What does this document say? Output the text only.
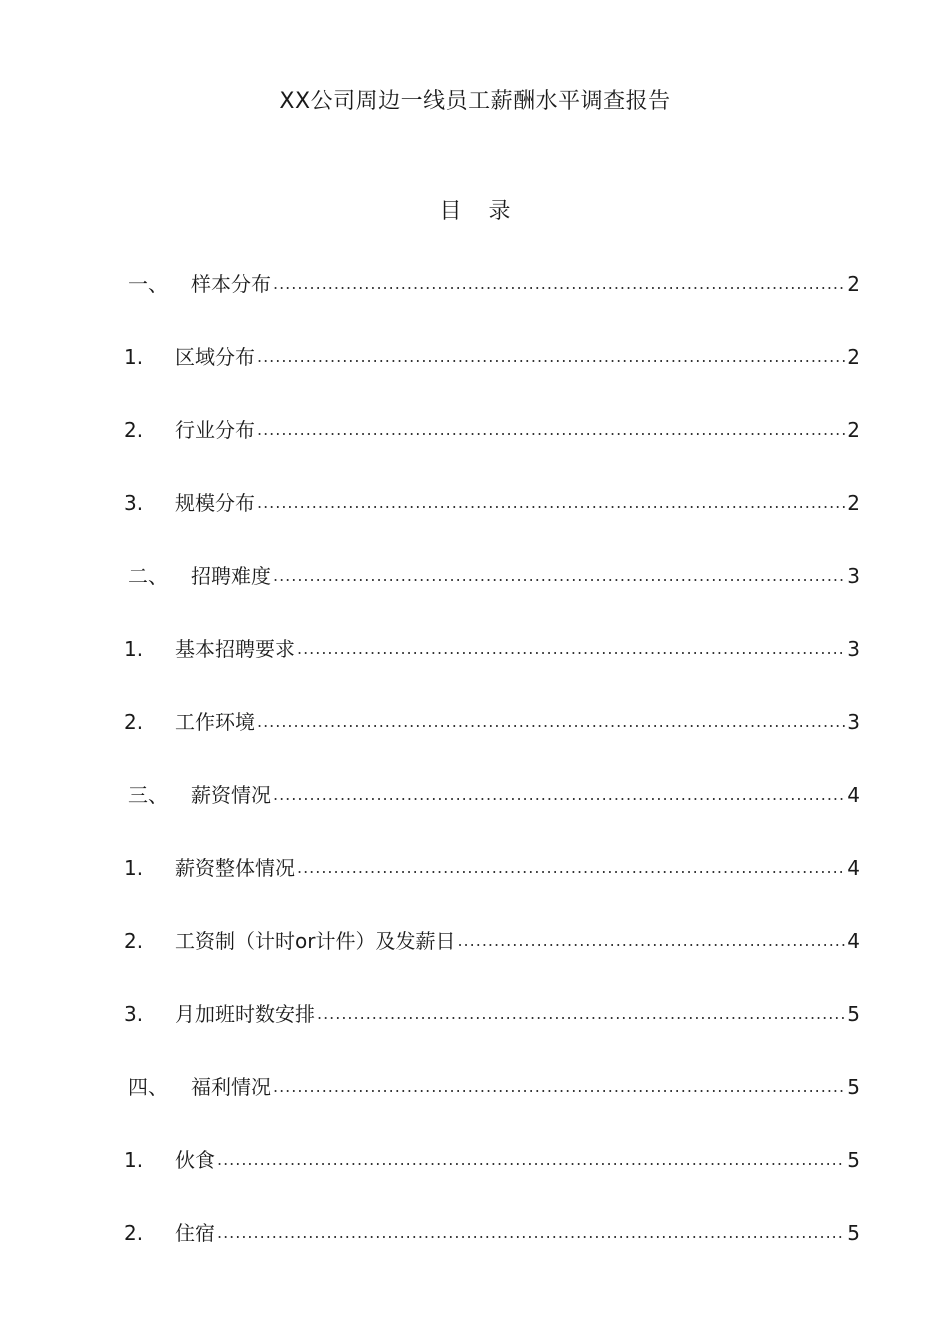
XX公司周边一线员工薪酬水平调查报告
目 录
一、	样本分布 .....	2
1.	区域分布 .....	2
2.	行业分布 .....	2
3.	规模分布 .....	2
二、	招聘难度 .....	3
1.	基本招聘要求 .....	3
2.	工作环境 .....	3
三、	薪资情况 .....	4
1.	薪资整体情况 .....	4
2.	工资制（计时or计件）及发薪日 .....	4
3.	月加班时数安排 .....	5
四、	福利情况 .....	5
1.	伙食 .....	5
2.	住宿 .....	5
